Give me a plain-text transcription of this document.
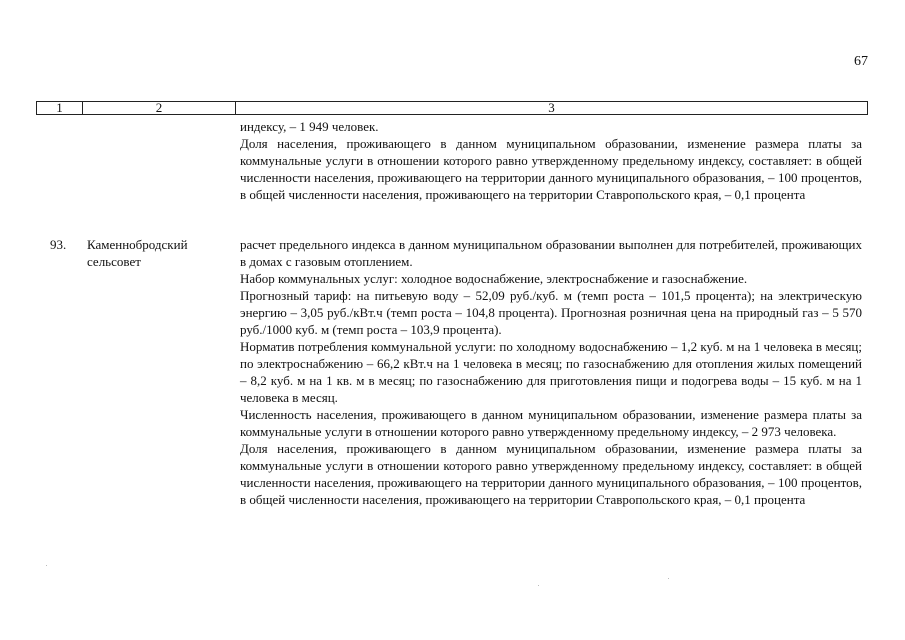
67
1	2	3

индексу, – 1 949 человек.

Доля населения, проживающего в данном муниципальном образовании, изменение размера платы за коммунальные услуги в отношении которого равно утвержденному предельному индексу, составляет: в общей численности населения, проживающего на территории данного муниципального образования, – 100 процентов, в общей численности населения, проживающего на территории Ставропольского края, – 0,1 процента

93. Каменнобродский сельсовет

расчет предельного индекса в данном муниципальном образовании выполнен для потребителей, проживающих в домах с газовым отоплением.

Набор коммунальных услуг: холодное водоснабжение, электроснабжение и газоснабжение.

Прогнозный тариф: на питьевую воду – 52,09 руб./куб. м (темп роста – 101,5 процента); на электрическую энергию – 3,05 руб./кВт.ч (темп роста – 104,8 процента). Прогнозная розничная цена на природный газ – 5 570 руб./1000 куб. м (темп роста – 103,9 процента).

Норматив потребления коммунальной услуги: по холодному водоснабжению – 1,2 куб. м на 1 человека в месяц; по электроснабжению – 66,2 кВт.ч на 1 человека в месяц; по газоснабжению для отопления жилых помещений – 8,2 куб. м на 1 кв. м в месяц; по газоснабжению для приготовления пищи и подогрева воды – 15 куб. м на 1 человека в месяц.

Численность населения, проживающего в данном муниципальном образовании, изменение размера платы за коммунальные услуги в отношении которого равно утвержденному предельному индексу, – 2 973 человека.

Доля населения, проживающего в данном муниципальном образовании, изменение размера платы за коммунальные услуги в отношении которого равно утвержденному предельному индексу, составляет: в общей численности населения, проживающего на территории данного муниципального образования, – 100 процентов, в общей численности населения, проживающего на территории Ставропольского края, – 0,1 процента
